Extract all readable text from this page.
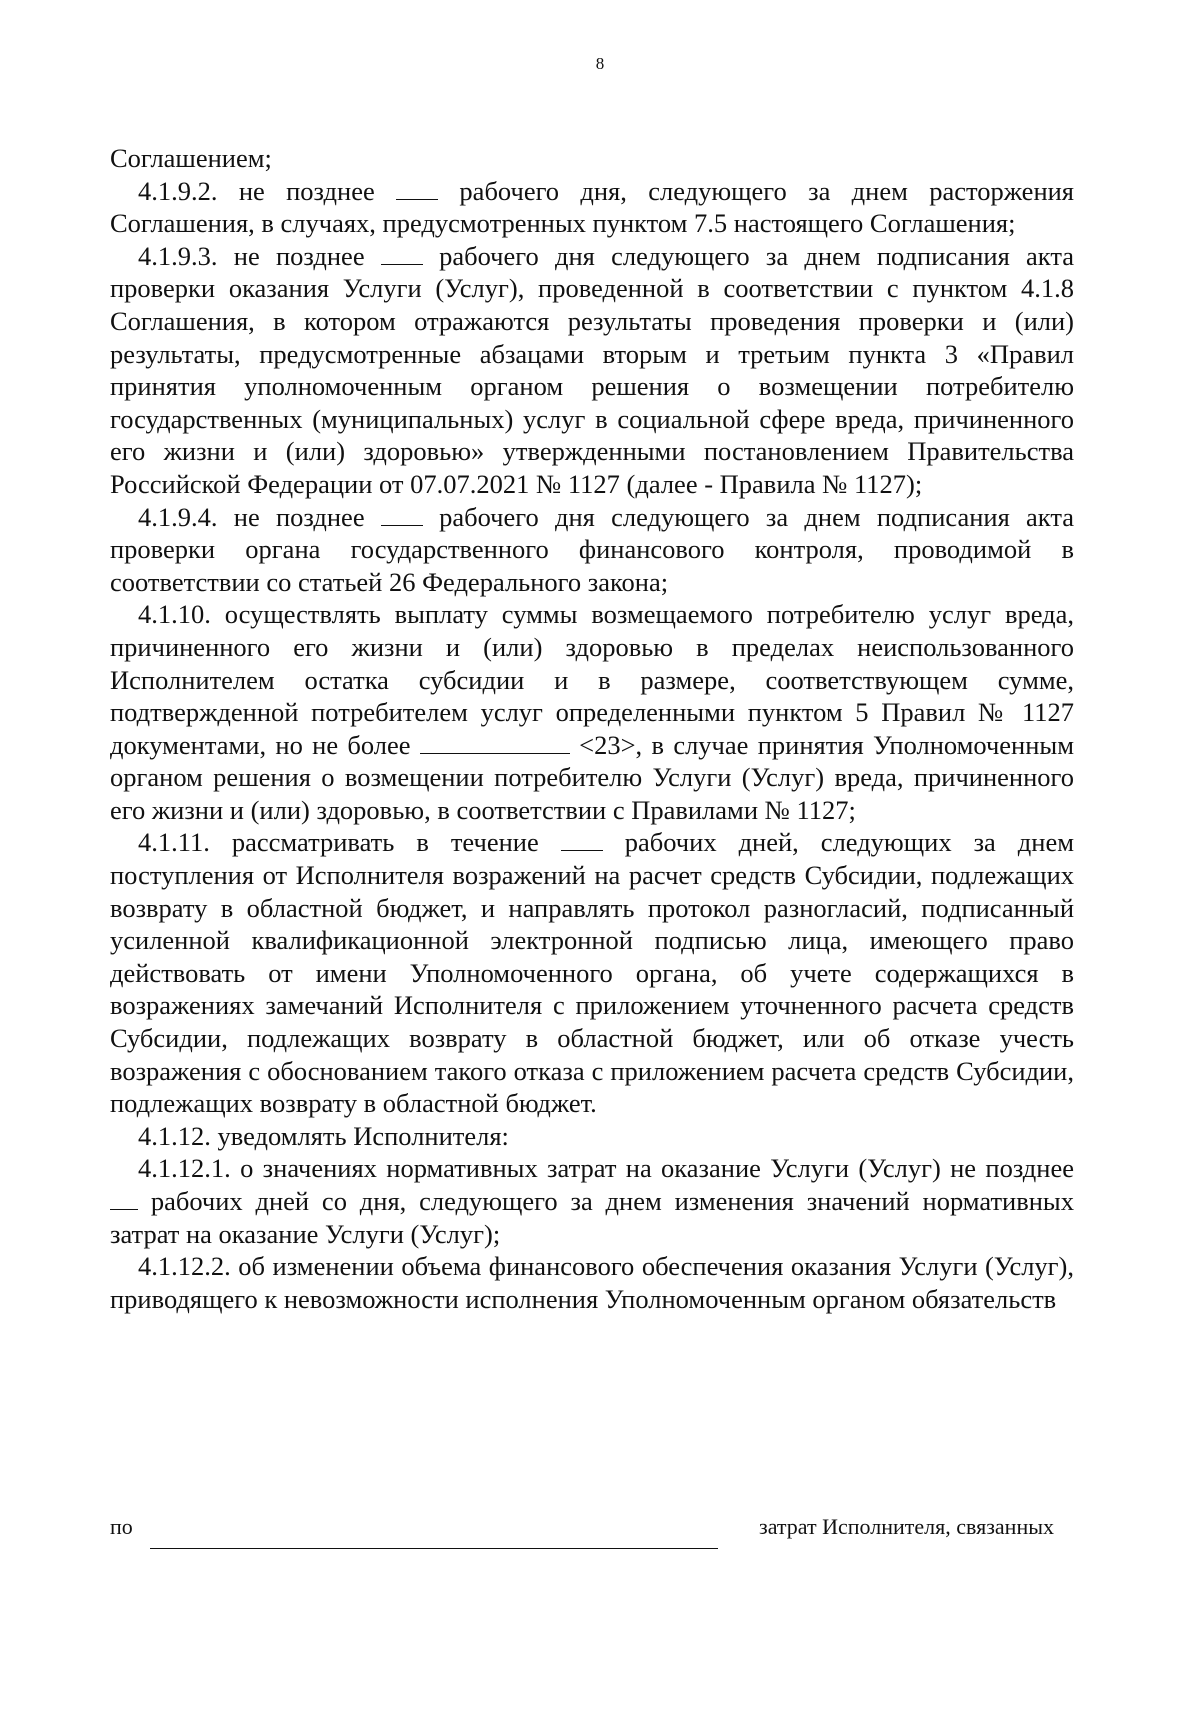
8

Соглашением;

4.1.9.2. не позднее  рабочего дня, следующего за днем расторжения Соглашения, в случаях, предусмотренных пунктом 7.5 настоящего Соглашения;

4.1.9.3. не позднее  рабочего дня следующего за днем подписания акта проверки оказания Услуги (Услуг), проведенной в соответствии с пунктом 4.1.8 Соглашения, в котором отражаются результаты проведения проверки и (или) результаты, предусмотренные абзацами вторым и третьим пункта 3 «Правил принятия уполномоченным органом решения о возмещении потребителю государственных (муниципальных) услуг в социальной сфере вреда, причиненного его жизни и (или) здоровью» утвержденными постановлением Правительства Российской Федерации от 07.07.2021 № 1127 (далее - Правила № 1127);

4.1.9.4. не позднее  рабочего дня следующего за днем подписания акта проверки органа государственного финансового контроля, проводимой в соответствии со статьей 26 Федерального закона;

4.1.10. осуществлять выплату суммы возмещаемого потребителю услуг вреда, причиненного его жизни и (или) здоровью в пределах неиспользованного Исполнителем остатка субсидии и в размере, соответствующем сумме, подтвержденной потребителем услуг определенными пунктом 5 Правил № 1127 документами, но не более	<23>, в случае принятия Уполномоченным органом решения о возмещении потребителю Услуги (Услуг) вреда, причиненного его жизни и (или) здоровью, в соответствии с Правилами № 1127;

4.1.11. рассматривать в течение  рабочих дней, следующих за днем поступления от Исполнителя возражений на расчет средств Субсидии, подлежащих возврату в областной бюджет, и направлять протокол разногласий, подписанный усиленной квалификационной электронной подписью лица, имеющего право действовать от имени Уполномоченного органа, об учете содержащихся в возражениях замечаний Исполнителя с приложением уточненного расчета средств Субсидии, подлежащих возврату в областной бюджет, или об отказе учесть возражения с обоснованием такого отказа с приложением расчета средств Субсидии, подлежащих возврату в областной бюджет.

4.1.12. уведомлять Исполнителя:

4.1.12.1. о значениях нормативных затрат на оказание Услуги (Услуг) не позднее  рабочих дней со дня, следующего за днем изменения значений нормативных затрат на оказание Услуги (Услуг);

4.1.12.2. об изменении объема финансового обеспечения оказания Услуги (Услуг), приводящего к невозможности исполнения Уполномоченным органом обязательств

по	затрат Исполнителя, связанных
